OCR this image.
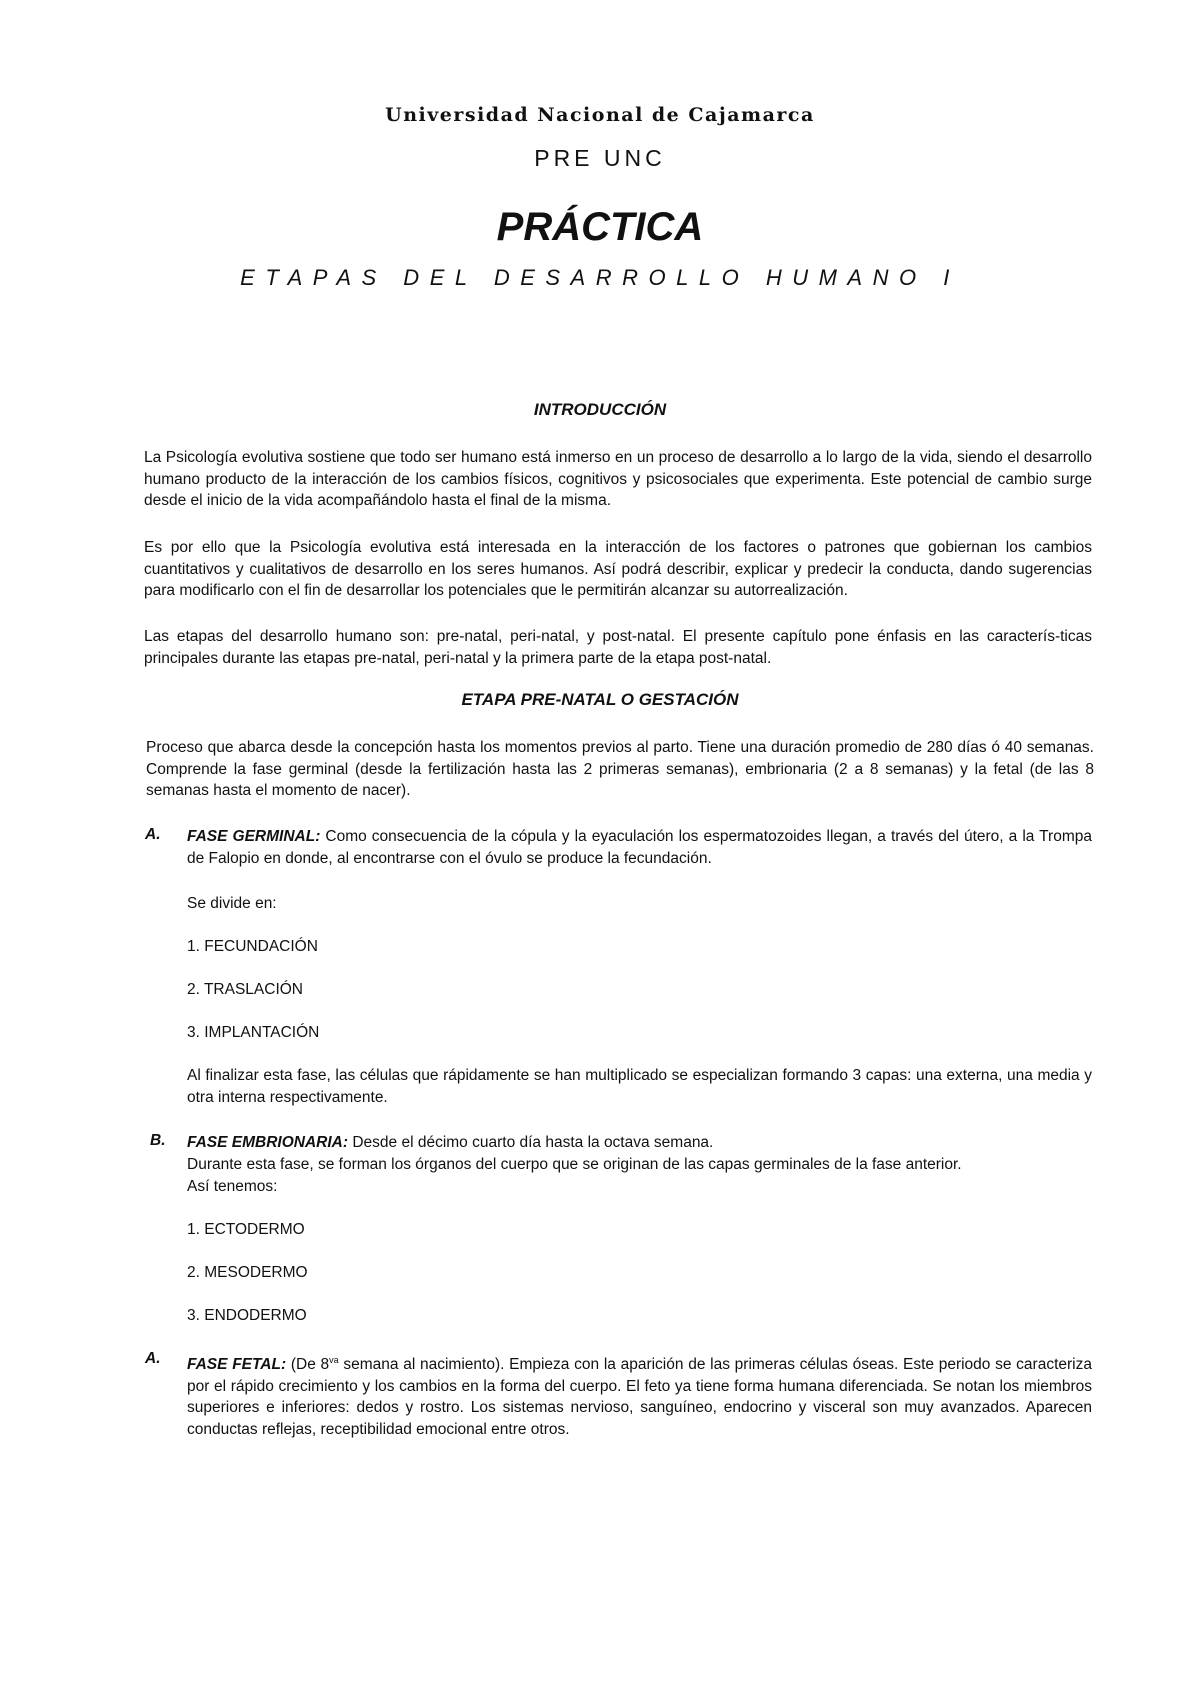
Universidad Nacional de Cajamarca
PRE UNC
PRÁCTICA
ETAPAS DEL DESARROLLO HUMANO I
INTRODUCCIÓN
La Psicología evolutiva sostiene que todo ser humano está inmerso en un proceso de desarrollo a lo largo de la vida, siendo el desarrollo humano producto de la interacción de los cambios físicos, cognitivos y psicosociales que experimenta. Este potencial de cambio surge desde el inicio de la vida acompañándolo hasta el final de la misma.
Es por ello que la Psicología evolutiva está interesada en la interacción de los factores o patrones que gobiernan los cambios cuantitativos y cualitativos de desarrollo en los seres humanos. Así podrá describir, explicar y predecir la conducta, dando sugerencias para modificarlo con el fin de desarrollar los potenciales que le permitirán alcanzar su autorrealización.
Las etapas del desarrollo humano son: pre-natal, peri-natal, y post-natal. El presente capítulo pone énfasis en las caracterís-ticas principales durante las etapas pre-natal, peri-natal y la primera parte de la etapa post-natal.
ETAPA PRE-NATAL O GESTACIÓN
Proceso que abarca desde la concepción hasta los momentos previos al parto. Tiene una duración promedio de 280 días ó 40 semanas. Comprende la fase germinal (desde la fertilización hasta las 2 primeras semanas), embrionaria (2 a 8 semanas) y la fetal (de las 8 semanas hasta el momento de nacer).
A. FASE GERMINAL: Como consecuencia de la cópula y la eyaculación los espermatozoides llegan, a través del útero, a la Trompa de Falopio en donde, al encontrarse con el óvulo se produce la fecundación.
Se divide en:
1. FECUNDACIÓN
2. TRASLACIÓN
3. IMPLANTACIÓN
Al finalizar esta fase, las células que rápidamente se han multiplicado se especializan formando 3 capas: una externa, una media y otra interna respectivamente.
B. FASE EMBRIONARIA: Desde el décimo cuarto día hasta la octava semana.
Durante esta fase, se forman los órganos del cuerpo que se originan de las capas germinales de la fase anterior.
Así tenemos:
1. ECTODERMO
2. MESODERMO
3. ENDODERMO
A. FASE FETAL: (De $8^{va}$ semana al nacimiento). Empieza con la aparición de las primeras células óseas. Este periodo se caracteriza por el rápido crecimiento y los cambios en la forma del cuerpo. El feto ya tiene forma humana diferenciada. Se notan los miembros superiores e inferiores: dedos y rostro. Los sistemas nervioso, sanguíneo, endocrino y visceral son muy avanzados. Aparecen conductas reflejas, receptibilidad emocional entre otros.
